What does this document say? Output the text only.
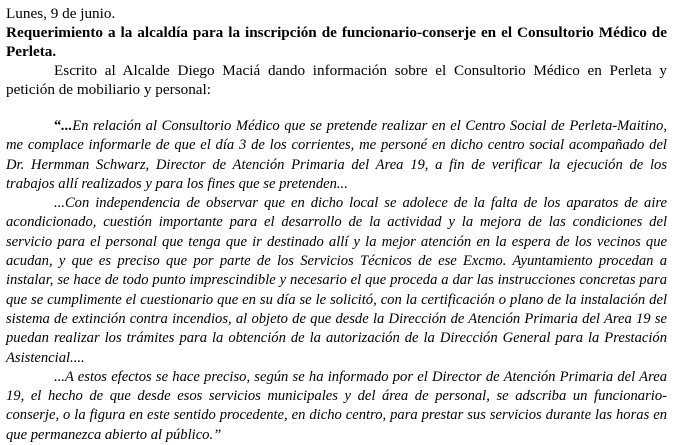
Lunes, 9 de junio.

Requerimiento a la alcaldía para la inscripción de funcionario-conserje en el Consultorio Médico de Perleta.

Escrito al Alcalde Diego Maciá dando información sobre el Consultorio Médico en Perleta y petición de mobiliario y personal:

“...En relación al Consultorio Médico que se pretende realizar en el Centro Social de Perleta-Maitino, me complace informarle de que el día 3 de los corrientes, me personé en dicho centro social acompañado del Dr. Hermman Schwarz, Director de Atención Primaria del Area 19, a fin de verificar la ejecución de los trabajos allí realizados y para los fines que se pretenden...

...Con independencia de observar que en dicho local se adolece de la falta de los aparatos de aire acondicionado, cuestión importante para el desarrollo de la actividad y la mejora de las condiciones del servicio para el personal que tenga que ir destinado allí y la mejor atención en la espera de los vecinos que acudan, y que es preciso que por parte de los Servicios Técnicos de ese Excmo. Ayuntamiento procedan a instalar, se hace de todo punto imprescindible y necesario el que proceda a dar las instrucciones concretas para que se cumplimente el cuestionario que en su día se le solicitó, con la certificación o plano de la instalación del sistema de extinción contra incendios, al objeto de que desde la Dirección de Atención Primaria del Area 19 se puedan realizar los trámites para la obtención de la autorización de la Dirección General para la Prestación Asistencial....

...A estos efectos se hace preciso, según se ha informado por el Director de Atención Primaria del Area 19, el hecho de que desde esos servicios municipales y del área de personal, se adscriba un funcionario-conserje, o la figura en este sentido procedente, en dicho centro, para prestar sus servicios durante las horas en que permanezca abierto al público.”
